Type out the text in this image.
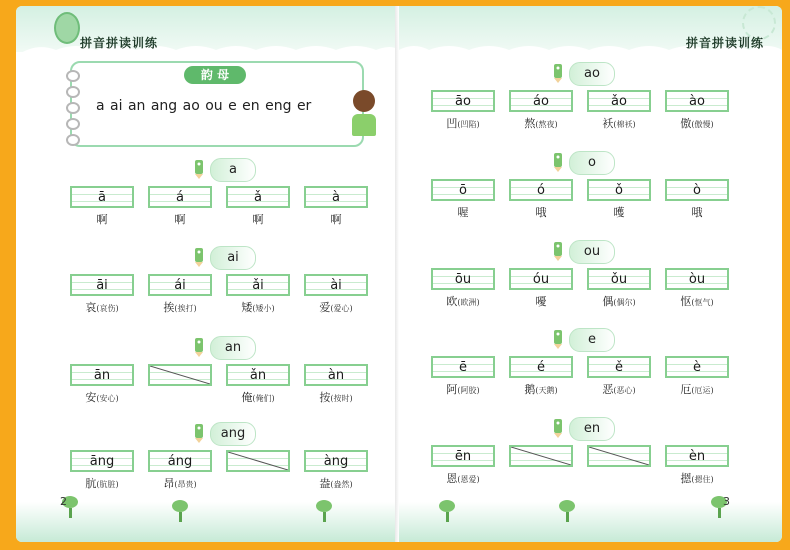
拼音拼读训练
韵 母
a ai an ang ao ou e en eng er
a
ā
啊
á
啊
ǎ
啊
à
啊
ai
āi
哀(哀伤)
ái
挨(挨打)
ǎi
矮(矮小)
ài
爱(爱心)
an
ān
安(安心)
ǎn
俺(俺们)
àn
按(按时)
ang
āng
肮(肮脏)
áng
昂(昂贵)
àng
盎(盎然)
2
拼音拼读训练
ao
āo
凹(凹陷)
áo
熬(熬夜)
ǎo
袄(棉袄)
ào
傲(傲慢)
o
ō
喔
ó
哦
ǒ
嚄
ò
哦
ou
ōu
欧(欧洲)
óu
嚘
ǒu
偶(偶尔)
òu
怄(怄气)
e
ē
阿(阿胶)
é
鹅(天鹅)
ě
恶(恶心)
è
厄(厄运)
en
ēn
恩(恩爱)
èn
摁(摁住)
3
